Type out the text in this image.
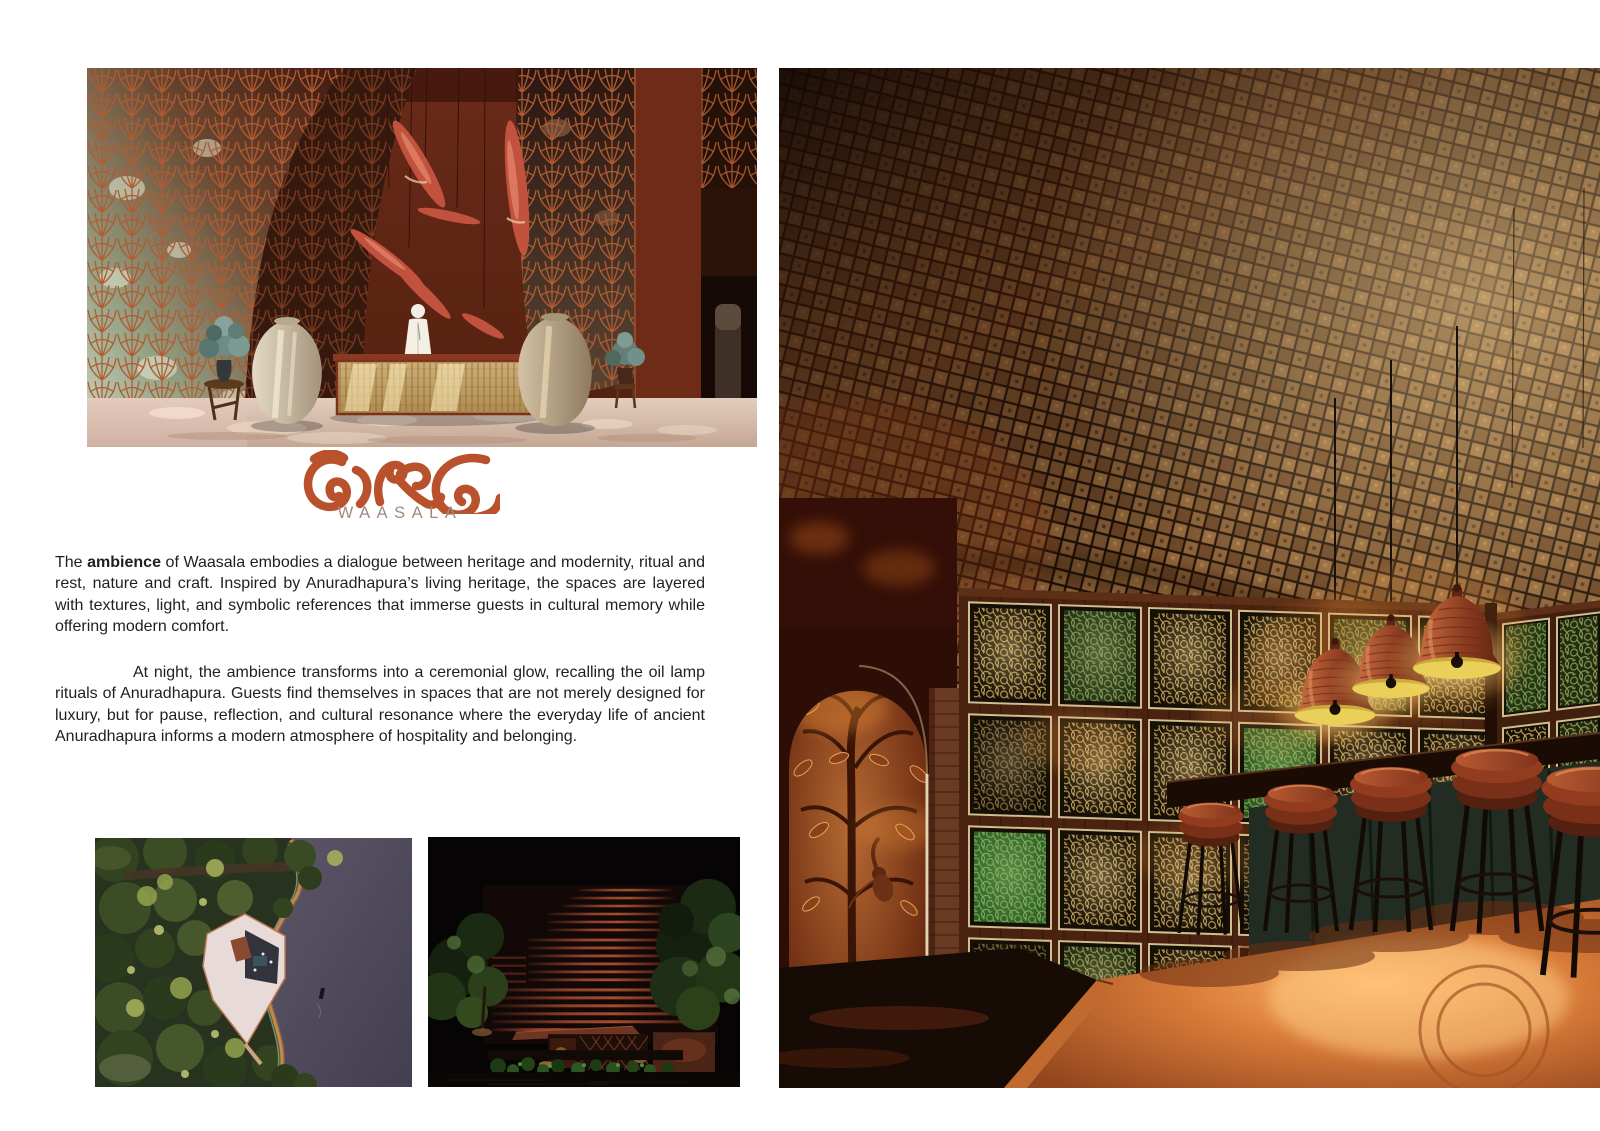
WAASALA

The ambience of Waasala embodies a dialogue between heritage and modernity, ritual and rest, nature and craft. Inspired by Anuradhapura’s living heritage, the spaces are layered with textures, light, and symbolic references that immerse guests in cultural memory while offering modern comfort.

At night, the ambience transforms into a ceremonial glow, recalling the oil lamp rituals of Anuradhapura. Guests find themselves in spaces that are not merely designed for luxury, but for pause, reflection, and cultural resonance where the everyday life of ancient Anuradhapura informs a modern atmosphere of hospitality and belonging.
